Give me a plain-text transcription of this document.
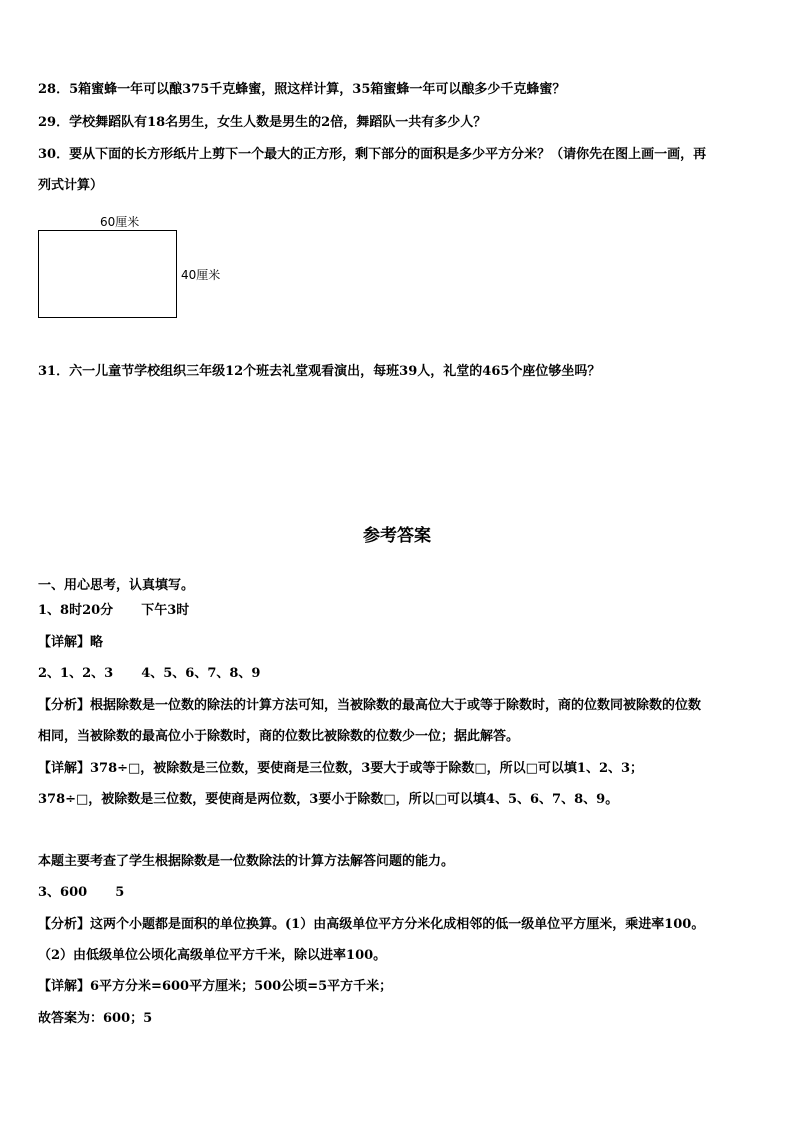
28．5箱蜜蜂一年可以酿375千克蜂蜜，照这样计算，35箱蜜蜂一年可以酿多少千克蜂蜜？
29．学校舞蹈队有18名男生，女生人数是男生的2倍，舞蹈队一共有多少人？
30．要从下面的长方形纸片上剪下一个最大的正方形，剩下部分的面积是多少平方分米？（请你先在图上画一画，再
列式计算）
60厘米
40厘米
31．六一儿童节学校组织三年级12个班去礼堂观看演出，每班39人，礼堂的465个座位够坐吗？
参考答案
一、用心思考，认真填写。
1、8时20分 下午3时
【详解】略
2、1、2、3 4、5、6、7、8、9
【分析】根据除数是一位数的除法的计算方法可知，当被除数的最高位大于或等于除数时，商的位数同被除数的位数
相同，当被除数的最高位小于除数时，商的位数比被除数的位数少一位；据此解答。
【详解】378÷□，被除数是三位数，要使商是三位数，3要大于或等于除数□，所以□可以填1、2、3；
378÷□，被除数是三位数，要使商是两位数，3要小于除数□，所以□可以填4、5、6、7、8、9。
本题主要考查了学生根据除数是一位数除法的计算方法解答问题的能力。
3、600 5
【分析】这两个小题都是面积的单位换算。(1）由高级单位平方分米化成相邻的低一级单位平方厘米，乘进率100。
（2）由低级单位公顷化高级单位平方千米，除以进率100。
【详解】6平方分米=600平方厘米；500公顷=5平方千米；
故答案为：600；5
